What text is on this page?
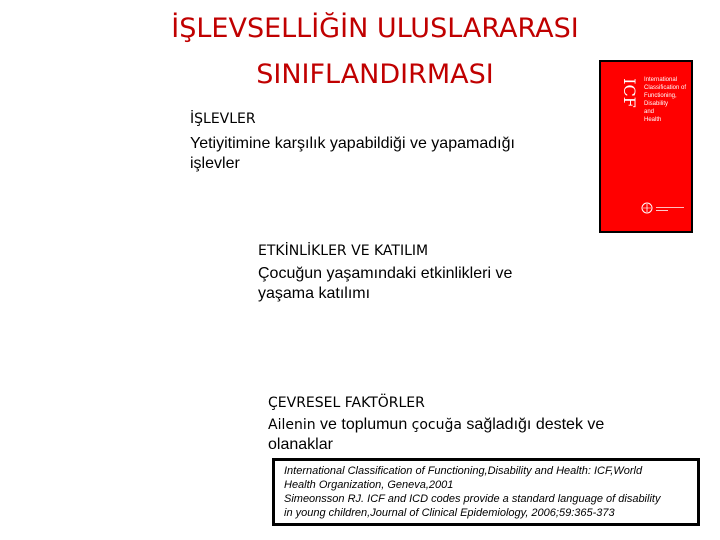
İŞLEVSELLİĞİN ULUSLARARASI
SINIFLANDIRMASI
ICF International
Classification of
Functioning,
Disability
and
Health
İŞLEVLER
Yetiyitimine karşılık yapabildiği ve yapamadığı
işlevler
ETKİNLİKLER VE KATILIM
Çocuğun yaşamındaki etkinlikleri ve
yaşama katılımı
ÇEVRESEL FAKTÖRLER
Ailenin ve toplumun çocuğa sağladığı destek ve
olanaklar
International Classification of Functioning,Disability and Health: ICF,World
Health Organization, Geneva,2001
Simeonsson RJ. ICF and ICD codes provide a standard language of disability
in young children,Journal of Clinical Epidemiology, 2006;59:365-373
